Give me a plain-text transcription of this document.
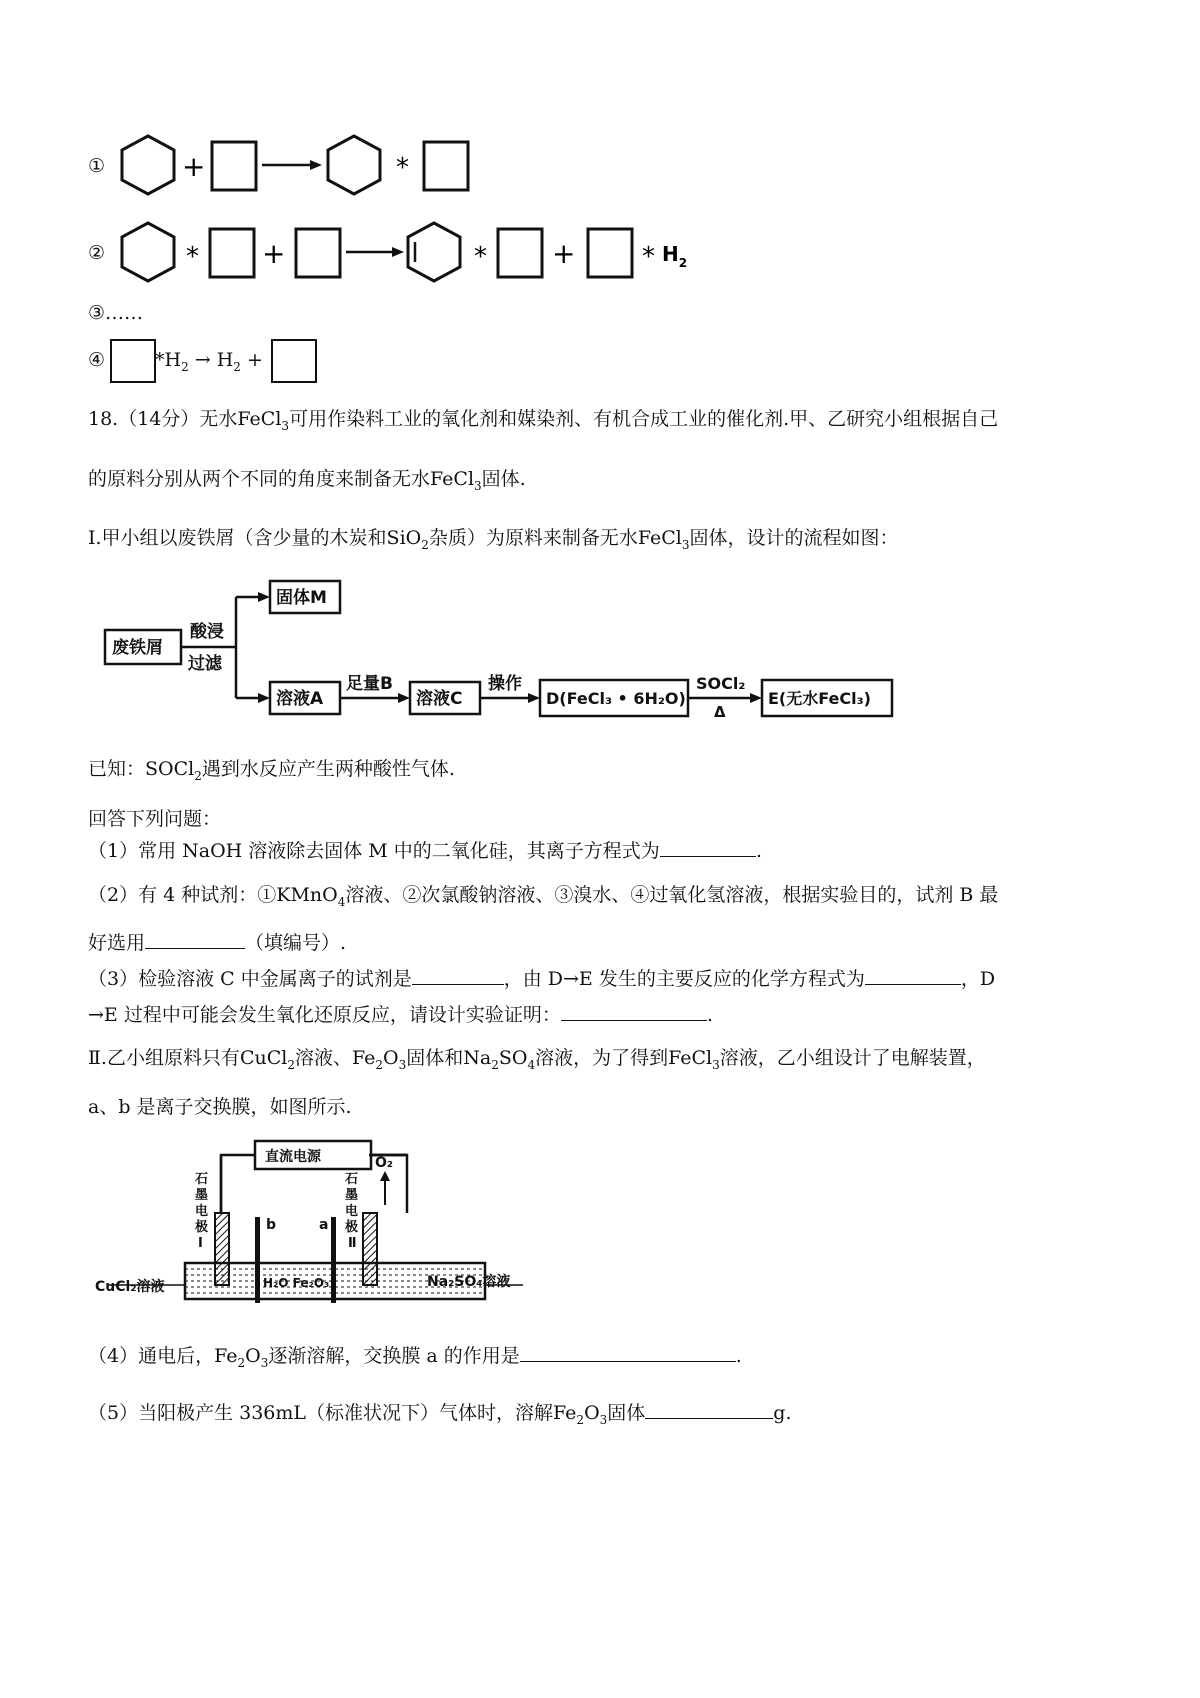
①	+	*
②	* +	* +	* $H_2$
③……
④	$*H_2 \to H_2$ +
18.（14分）无水FeCl$_3$可用作染料工业的氧化剂和媒染剂、有机合成工业的催化剂.甲、乙研究小组根据自己
的原料分别从两个不同的角度来制备无水FeCl$_3$固体.
Ⅰ.甲小组以废铁屑（含少量的木炭和SiO$_2$杂质）为原料来制备无水FeCl$_3$固体，设计的流程如图：
废铁屑
酸浸
过滤
固体M
溶液A
足量B
溶液C
操作
D(FeCl₃ • 6H₂O)
SOCl₂
Δ
E(无水FeCl₃)
已知：SOCl$_2$遇到水反应产生两种酸性气体.
回答下列问题：
（1）常用 NaOH 溶液除去固体 M 中的二氧化硅，其离子方程式为	.
（2）有 4 种试剂：①KMnO$_4$溶液、②次氯酸钠溶液、③溴水、④过氧化氢溶液，根据实验目的，试剂 B 最
好选用	（填编号）.
（3）检验溶液 C 中金属离子的试剂是	，由 D→E 发生的主要反应的化学方程式为	，D
→E 过程中可能会发生氧化还原反应，请设计实验证明：	.
Ⅱ.乙小组原料只有CuCl$_2$溶液、$Fe_2O_3$固体和$Na_2SO_4$溶液，为了得到FeCl$_3$溶液，乙小组设计了电解装置，
a、b 是离子交换膜，如图所示.
直流电源	O₂
b	a
H₂O Fe₂O₃
CuCl₂溶液	Na₂SO₄溶液
石
墨
电
极
Ⅰ
石
墨
电
极
Ⅱ
（4）通电后，$Fe_2O_3$逐渐溶解，交换膜 a 的作用是	.
（5）当阳极产生 336mL（标准状况下）气体时，溶解$Fe_2O_3$固体	g.
